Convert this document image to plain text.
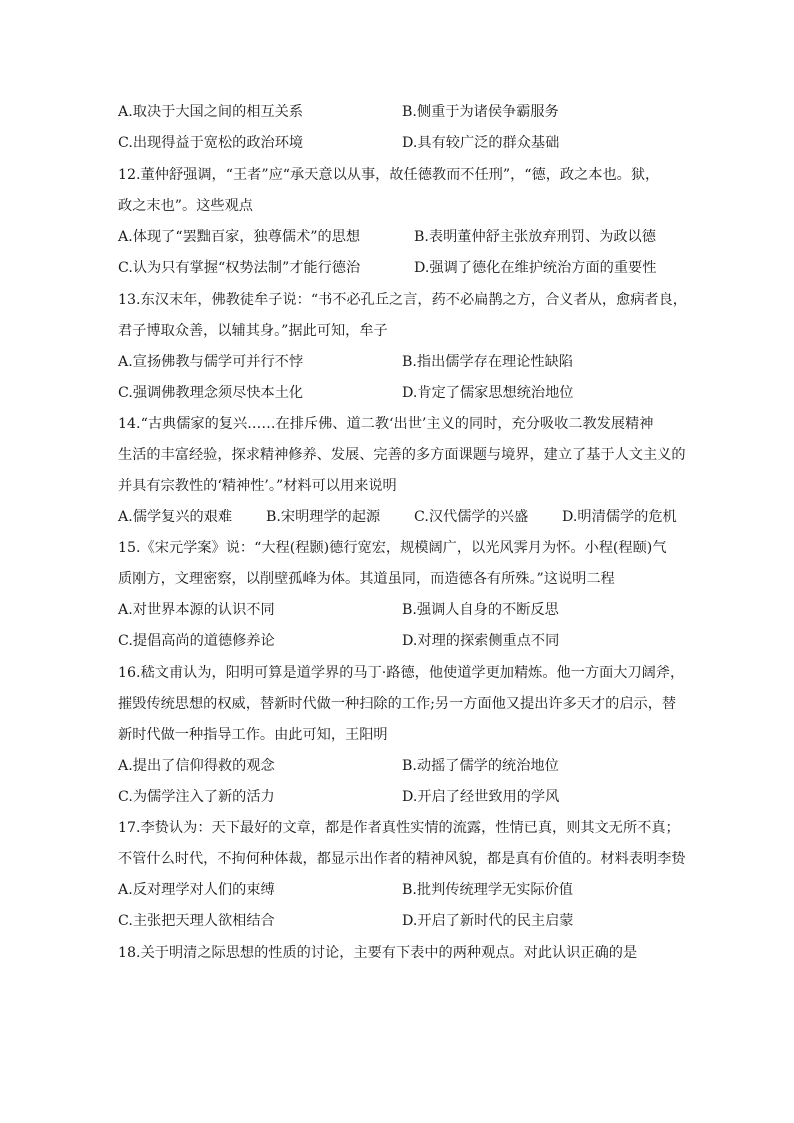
A.取决于大国之间的相互关系	B.侧重于为诸侯争霸服务
C.出现得益于宽松的政治环境	D.具有较广泛的群众基础
12.董仲舒强调，“王者”应“承天意以从事，故任德教而不任刑”，“德，政之本也。狱，
政之末也”。这些观点
A.体现了“罢黜百家，独尊儒术”的思想	B.表明董仲舒主张放弃刑罚、为政以德
C.认为只有掌握“权势法制”才能行德治	D.强调了德化在维护统治方面的重要性
13.东汉末年，佛教徒牟子说：“书不必孔丘之言，药不必扁鹊之方，合义者从，愈病者良，
君子博取众善，以辅其身。”据此可知，牟子
A.宣扬佛教与儒学可并行不悖	B.指出儒学存在理论性缺陷
C.强调佛教理念须尽快本土化	D.肯定了儒家思想统治地位
14.“古典儒家的复兴……在排斥佛、道二教‘出世’主义的同时，充分吸收二教发展精神
生活的丰富经验，探求精神修养、发展、完善的多方面课题与境界，建立了基于人文主义的
并具有宗教性的‘精神性’。”材料可以用来说明
A.儒学复兴的艰难 B.宋明理学的起源 C.汉代儒学的兴盛 D.明清儒学的危机
15.《宋元学案》说：“大程(程颢)德行宽宏，规模阔广，以光风霁月为怀。小程(程颐)气
质刚方，文理密察，以削壁孤峰为体。其道虽同，而造德各有所殊。”这说明二程
A.对世界本源的认识不同	B.强调人自身的不断反思
C.提倡高尚的道德修养论	D.对理的探索侧重点不同
16.嵇文甫认为，阳明可算是道学界的马丁·路德，他使道学更加精炼。他一方面大刀阔斧，
摧毁传统思想的权威，替新时代做一种扫除的工作;另一方面他又提出许多天才的启示，替
新时代做一种指导工作。由此可知，王阳明
A.提出了信仰得救的观念	B.动摇了儒学的统治地位
C.为儒学注入了新的活力	D.开启了经世致用的学风
17.李贽认为：天下最好的文章，都是作者真性实情的流露，性情已真，则其文无所不真；
不管什么时代，不拘何种体裁，都显示出作者的精神风貌，都是真有价值的。材料表明李贽
A.反对理学对人们的束缚	B.批判传统理学无实际价值
C.主张把天理人欲相结合	D.开启了新时代的民主启蒙
18.关于明清之际思想的性质的讨论，主要有下表中的两种观点。对此认识正确的是
